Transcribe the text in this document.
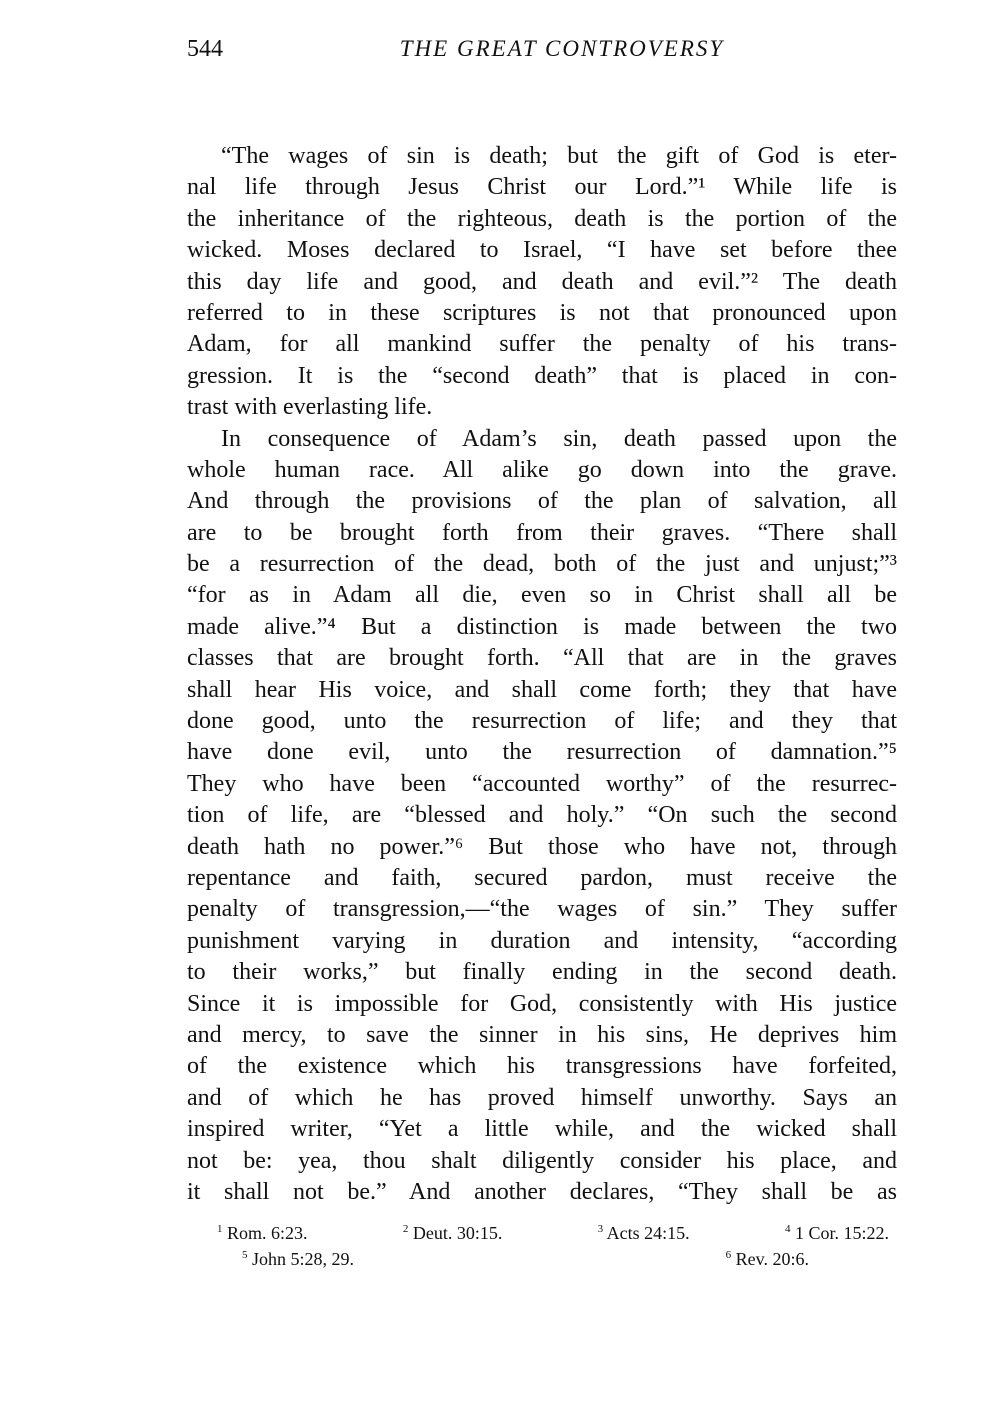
544	THE GREAT CONTROVERSY
“The wages of sin is death; but the gift of God is eter-
nal life through Jesus Christ our Lord.”¹ While life is
the inheritance of the righteous, death is the portion of the
wicked. Moses declared to Israel, “I have set before thee
this day life and good, and death and evil.”² The death
referred to in these scriptures is not that pronounced upon
Adam, for all mankind suffer the penalty of his trans-
gression. It is the “second death” that is placed in con-
trast with everlasting life.
In consequence of Adam’s sin, death passed upon the
whole human race. All alike go down into the grave.
And through the provisions of the plan of salvation, all
are to be brought forth from their graves. “There shall
be a resurrection of the dead, both of the just and unjust;”³
“for as in Adam all die, even so in Christ shall all be
made alive.”⁴ But a distinction is made between the two
classes that are brought forth. “All that are in the graves
shall hear His voice, and shall come forth; they that have
done good, unto the resurrection of life; and they that
have done evil, unto the resurrection of damnation.”⁵
They who have been “accounted worthy” of the resurrec-
tion of life, are “blessed and holy.” “On such the second
death hath no power.”⁶ But those who have not, through
repentance and faith, secured pardon, must receive the
penalty of transgression,—“the wages of sin.” They suffer
punishment varying in duration and intensity, “according
to their works,” but finally ending in the second death.
Since it is impossible for God, consistently with His justice
and mercy, to save the sinner in his sins, He deprives him
of the existence which his transgressions have forfeited,
and of which he has proved himself unworthy. Says an
inspired writer, “Yet a little while, and the wicked shall
not be: yea, thou shalt diligently consider his place, and
it shall not be.” And another declares, “They shall be as
$^1$ Rom. 6:23.	$^2$ Deut. 30:15.	$^3$ Acts 24:15.	$^4$ 1 Cor. 15:22.
$^5$ John 5:28, 29.	$^6$ Rev. 20:6.
